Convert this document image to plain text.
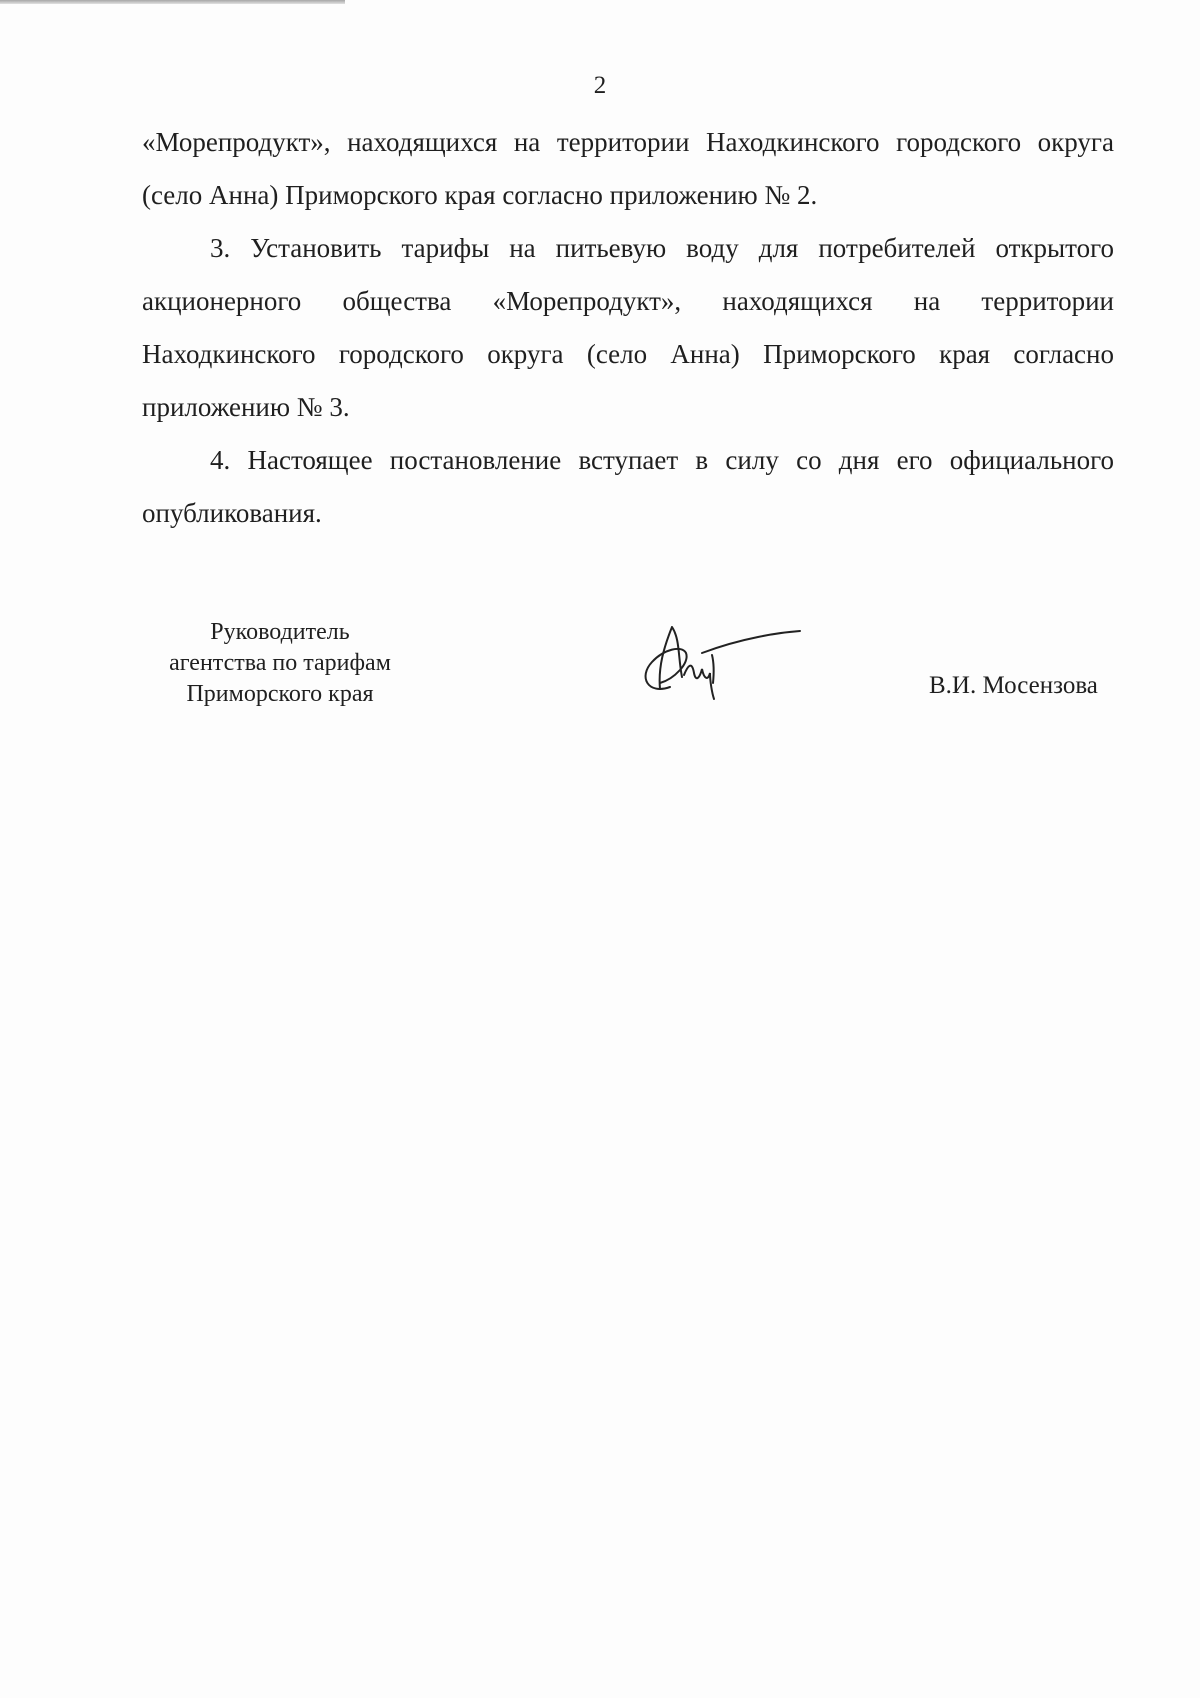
2

«Морепродукт», находящихся на территории Находкинского городского округа (село Анна) Приморского края согласно приложению № 2.

3. Установить тарифы на питьевую воду для потребителей открытого акционерного общества «Морепродукт», находящихся на территории Находкинского городского округа (село Анна) Приморского края согласно приложению № 3.

4. Настоящее постановление вступает в силу со дня его официального опубликования.

Руководитель
агентства по тарифам
Приморского края	В.И. Мосензова
